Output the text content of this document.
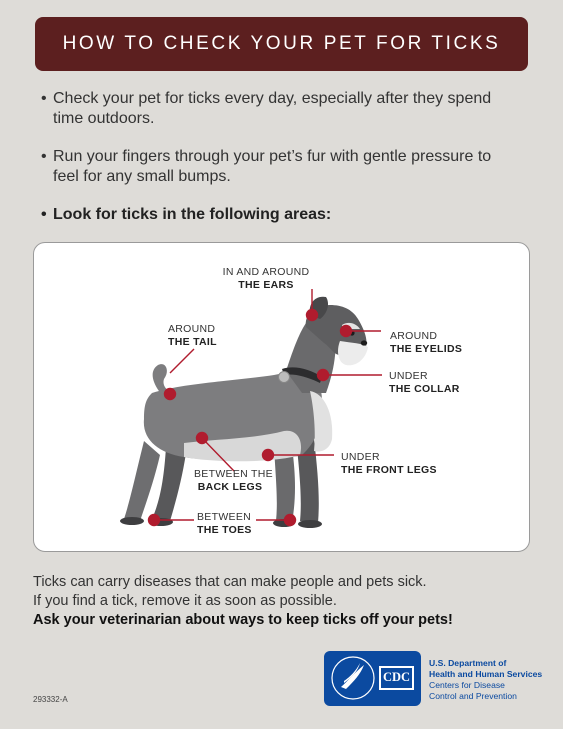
HOW TO CHECK YOUR PET FOR TICKS
• Check your pet for ticks every day, especially after they spend time outdoors.
• Run your fingers through your pet’s fur with gentle pressure to feel for any small bumps.
• Look for ticks in the following areas:
IN AND AROUND
THE EARS
AROUND
THE TAIL	AROUND
THE EYELIDS
UNDER
THE COLLAR
UNDER
THE FRONT LEGS
BETWEEN THE
BACK LEGS
BETWEEN
THE TOES
Ticks can carry diseases that can make people and pets sick.
If you find a tick, remove it as soon as possible.
Ask your veterinarian about ways to keep ticks off your pets!
CDC
U.S. Department of
Health and Human Services
Centers for Disease
Control and Prevention
293332-A
